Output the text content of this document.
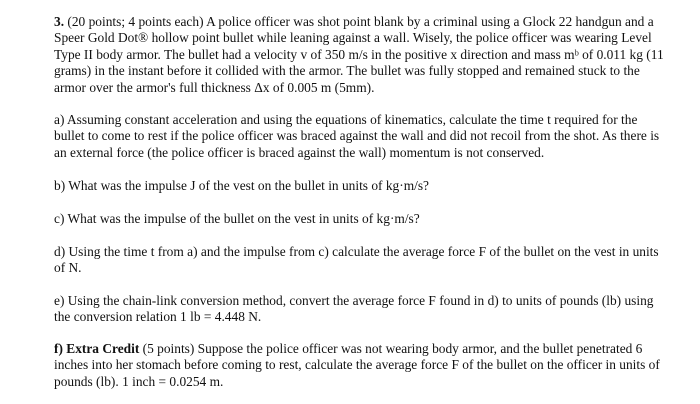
3. (20 points; 4 points each) A police officer was shot point blank by a criminal using a Glock 22 handgun and a Speer Gold Dot® hollow point bullet while leaning against a wall. Wisely, the police officer was wearing Level Type II body armor. The bullet had a velocity v of 350 m/s in the positive x direction and mass mᵇ of 0.011 kg (11 grams) in the instant before it collided with the armor. The bullet was fully stopped and remained stuck to the armor over the armor's full thickness Δx of 0.005 m (5mm).

a) Assuming constant acceleration and using the equations of kinematics, calculate the time t required for the bullet to come to rest if the police officer was braced against the wall and did not recoil from the shot. As there is an external force (the police officer is braced against the wall) momentum is not conserved.

b) What was the impulse J of the vest on the bullet in units of kg·m/s?

c) What was the impulse of the bullet on the vest in units of kg·m/s?

d) Using the time t from a) and the impulse from c) calculate the average force F of the bullet on the vest in units of N.

e) Using the chain-link conversion method, convert the average force F found in d) to units of pounds (lb) using the conversion relation 1 lb = 4.448 N.

f) Extra Credit (5 points) Suppose the police officer was not wearing body armor, and the bullet penetrated 6 inches into her stomach before coming to rest, calculate the average force F of the bullet on the officer in units of pounds (lb). 1 inch = 0.0254 m.
